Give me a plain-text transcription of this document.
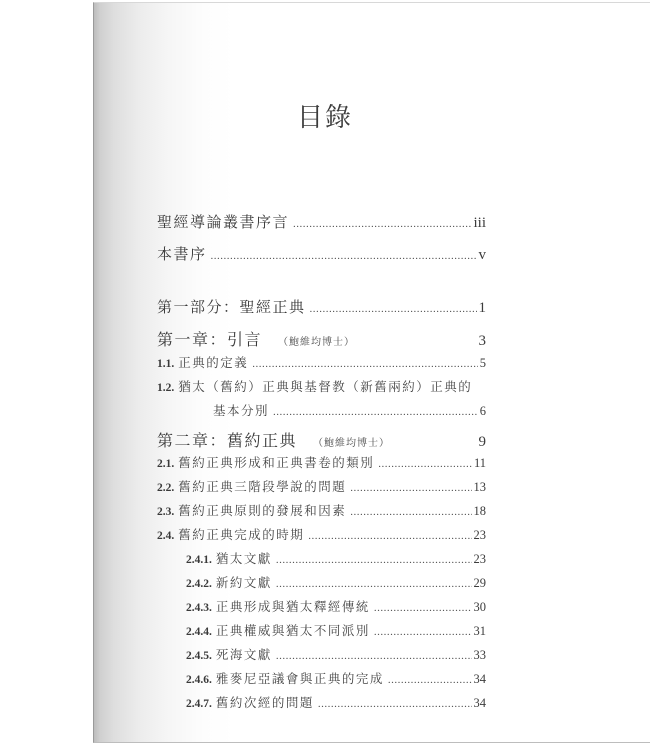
目錄
聖經導論叢書序言 .....	iii
本書序 .....	v
第一部分：聖經正典 .....	1
第一章：引言 （鮑維均博士）	3
1.1. 正典的定義 .....	5
1.2. 猶太（舊約）正典與基督教（新舊兩約）正典的
基本分別 .....	6
第二章：舊約正典 （鮑維均博士）	9
2.1. 舊約正典形成和正典書卷的類別 .....	11
2.2. 舊約正典三階段學說的問題 .....	13
2.3. 舊約正典原則的發展和因素 .....	18
2.4. 舊約正典完成的時期 .....	23
2.4.1. 猶太文獻 .....	23
2.4.2. 新約文獻 .....	29
2.4.3. 正典形成與猶太釋經傳統 .....	30
2.4.4. 正典權威與猶太不同派別 .....	31
2.4.5. 死海文獻 .....	33
2.4.6. 雅麥尼亞議會與正典的完成 .....	34
2.4.7. 舊約次經的問題 .....	34
